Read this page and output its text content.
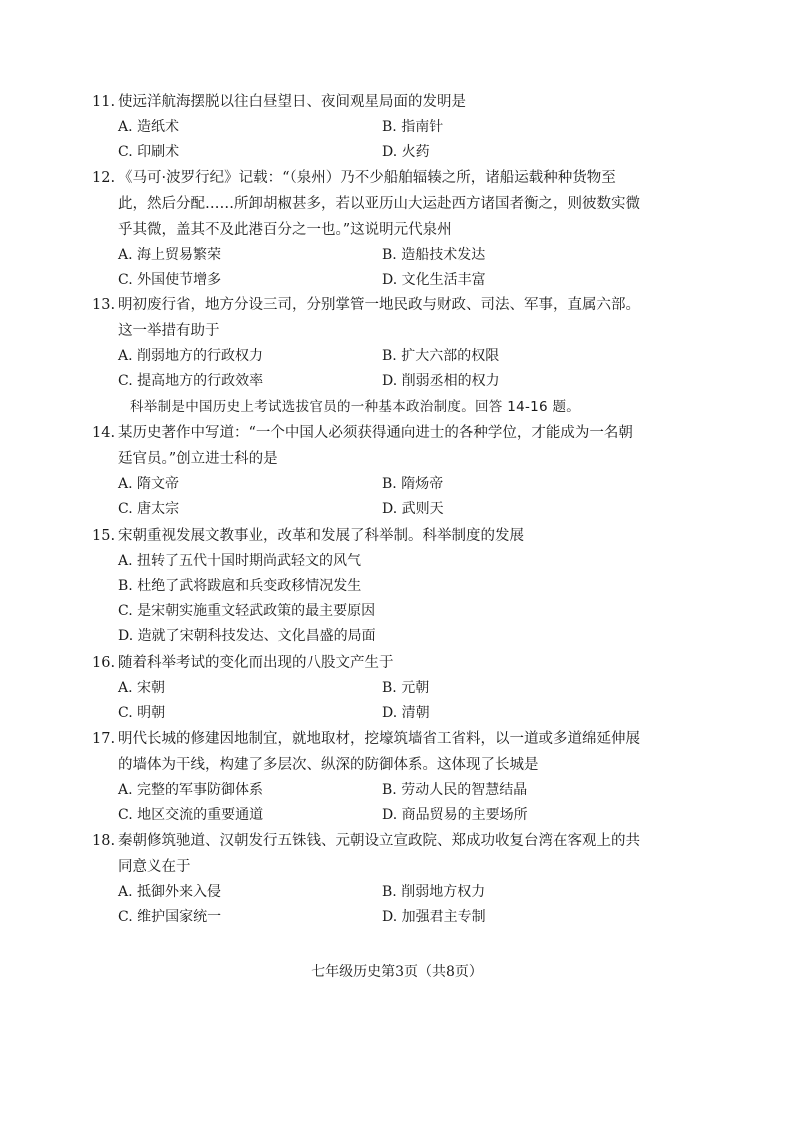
11. 使远洋航海摆脱以往白昼望日、夜间观星局面的发明是
A. 造纸术	B. 指南针
C. 印刷术	D. 火药
12. 《马可·波罗行纪》记载：“（泉州）乃不少船舶辐辏之所，诸船运载种种货物至
此，然后分配……所卸胡椒甚多，若以亚历山大运赴西方诸国者衡之，则彼数实微
乎其微，盖其不及此港百分之一也。”这说明元代泉州
A. 海上贸易繁荣	B. 造船技术发达
C. 外国使节增多	D. 文化生活丰富
13. 明初废行省，地方分设三司，分别掌管一地民政与财政、司法、军事，直属六部。
这一举措有助于
A. 削弱地方的行政权力	B. 扩大六部的权限
C. 提高地方的行政效率	D. 削弱丞相的权力
科举制是中国历史上考试选拔官员的一种基本政治制度。回答 14-16 题。
14. 某历史著作中写道：“一个中国人必须获得通向进士的各种学位，才能成为一名朝
廷官员。”创立进士科的是
A. 隋文帝	B. 隋炀帝
C. 唐太宗	D. 武则天
15. 宋朝重视发展文教事业，改革和发展了科举制。科举制度的发展
A. 扭转了五代十国时期尚武轻文的风气
B. 杜绝了武将跋扈和兵变政移情况发生
C. 是宋朝实施重文轻武政策的最主要原因
D. 造就了宋朝科技发达、文化昌盛的局面
16. 随着科举考试的变化而出现的八股文产生于
A. 宋朝	B. 元朝
C. 明朝	D. 清朝
17. 明代长城的修建因地制宜，就地取材，挖壕筑墙省工省料，以一道或多道绵延伸展
的墙体为干线，构建了多层次、纵深的防御体系。这体现了长城是
A. 完整的军事防御体系	B. 劳动人民的智慧结晶
C. 地区交流的重要通道	D. 商品贸易的主要场所
18. 秦朝修筑驰道、汉朝发行五铢钱、元朝设立宣政院、郑成功收复台湾在客观上的共
同意义在于
A. 抵御外来入侵	B. 削弱地方权力
C. 维护国家统一	D. 加强君主专制
七年级历史第3页（共8页）
